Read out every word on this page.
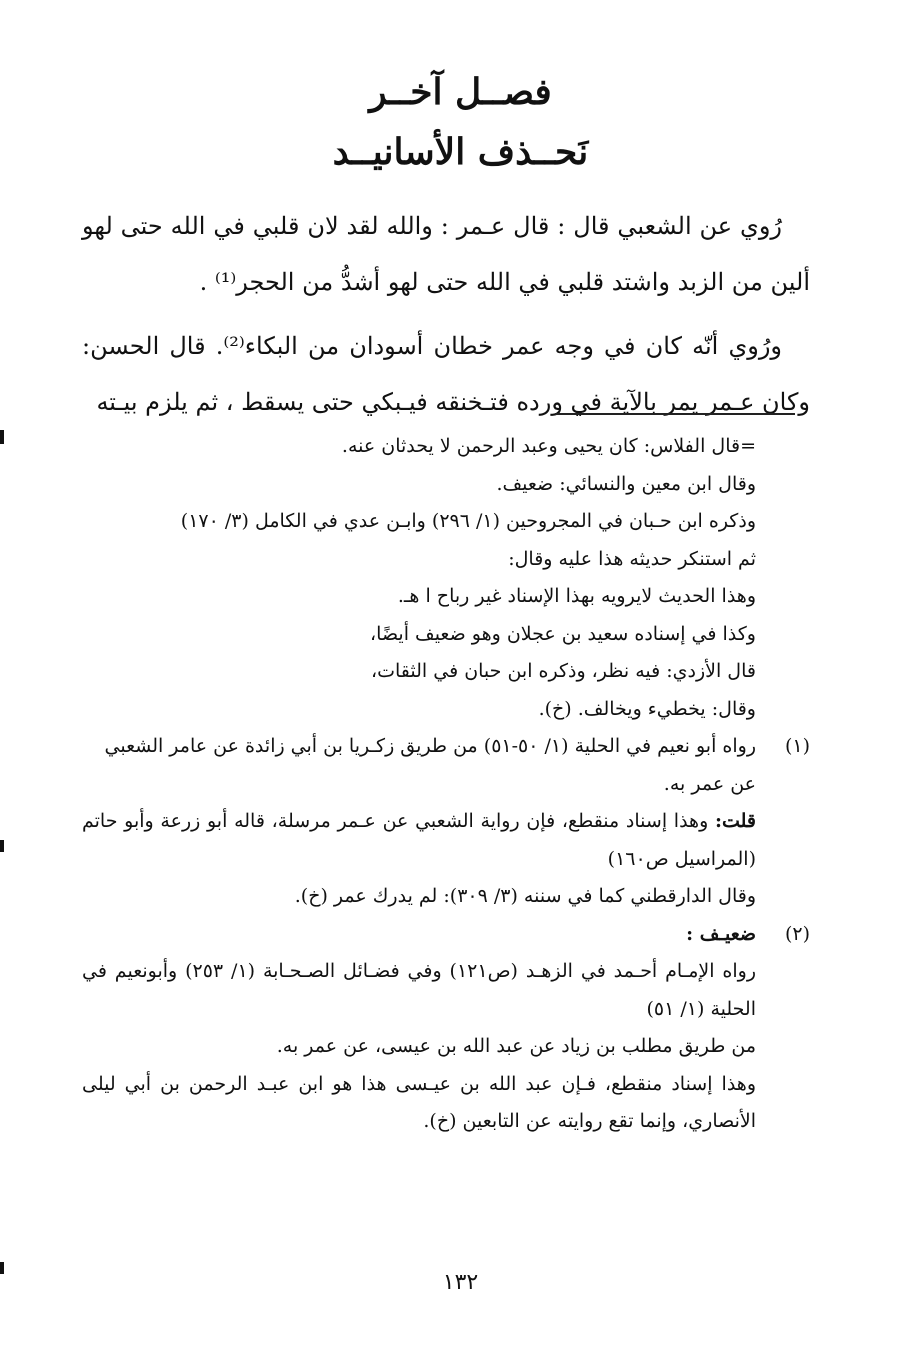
فصــل آخــر
نَحــذف الأسانيــد

رُوي عن الشعبي قال : قال عـمر : والله لقد لان قلبي في الله حتى لهو ألين من الزبد واشتد قلبي في الله حتى لهو أشدُّ من الحجر⁽¹⁾ .

ورُوي أنّه كان في وجه عمر خطان أسودان من البكاء⁽²⁾. قال الحسن: وكان عـمر يمر بالآية في ورده فتـخنقه فيـبكي حتى يسقط ، ثم يلزم بيـته

=قال الفلاس: كان يحيى وعبد الرحمن لا يحدثان عنه.

وقال ابن معين والنسائي: ضعيف.

وذكره ابن حـبان في المجروحين (١/ ٢٩٦) وابـن عدي في الكامل (٣/ ١٧٠)

ثم استنكر حديثه هذا عليه وقال:

وهذا الحديث لايرويه بهذا الإسناد غير رباح ا هـ.

وكذا في إسناده سعيد بن عجلان وهو ضعيف أيضًا،

قال الأزدي: فيه نظر، وذكره ابن حبان في الثقات،

وقال: يخطيء ويخالف. (خ).

(١)
رواه أبو نعيم في الحلية (١/ ٥٠-٥١) من طريق زكـريا بن أبي زائدة عن عامر الشعبي عن عمر به.

قلت: وهذا إسناد منقطع، فإن رواية الشعبي عن عـمر مرسلة، قاله أبو زرعة وأبو حاتم (المراسيل ص١٦٠)

وقال الدارقطني كما في سننه (٣/ ٣٠٩): لم يدرك عمر (خ).

(٢)
ضعيـف :

رواه الإمـام أحـمد في الزهـد (ص١٢١) وفي فضـائل الصـحـابة (١/ ٢٥٣) وأبونعيم في الحلية (١/ ٥١)

من طريق مطلب بن زياد عن عبد الله بن عيسى، عن عمر به.

وهذا إسناد منقطع، فـإن عبد الله بن عيـسى هذا هو ابن عبـد الرحمن بن أبي ليلى الأنصاري، وإنما تقع روايته عن التابعين (خ).

١٣٢
